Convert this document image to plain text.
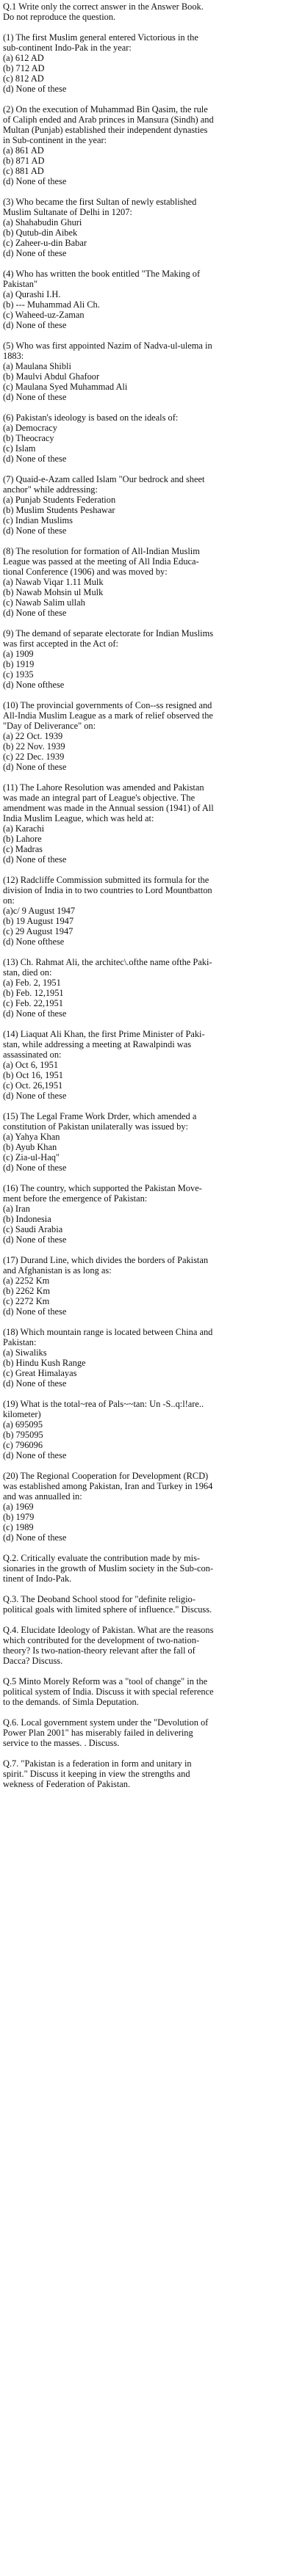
Q.1 Write only the correct answer in the Answer Book.
Do not reproduce the question.
(1) The first Muslim general entered Victorious in the
sub-continent Indo-Pak in the year:
(a) 612 AD
(b) 712 AD
(c) 812 AD
(d) None of these
(2) On the execution of Muhammad Bin Qasim, the rule
of Caliph ended and Arab princes in Mansura (Sindh) and
Multan (Punjab) established their independent dynasties
in Sub-continent in the year:
(a) 861 AD
(b) 871 AD
(c) 881 AD
(d) None of these
(3) Who became the first Sultan of newly established
Muslim Sultanate of Delhi in 1207:
(a) Shahabudin Ghuri
(b) Qutub-din Aibek
(c) Zaheer-u-din Babar
(d) None of these
(4) Who has written the book entitled "The Making of
Pakistan"
(a) Qurashi I.H.
(b) --- Muhammad Ali Ch.
(c) Waheed-uz-Zaman
(d) None of these
(5) Who was first appointed Nazim of Nadva-ul-ulema in
1883:
(a) Maulana Shibli
(b) Maulvi Abdul Ghafoor
(c) Maulana Syed Muhammad Ali
(d) None of these
(6) Pakistan's ideology is based on the ideals of:
(a) Democracy
(b) Theocracy
(c) Islam
(d) None of these
(7) Quaid-e-Azam called Islam "Our bedrock and sheet
anchor" while addressing:
(a) Punjab Students Federation
(b) Muslim Students Peshawar
(c) Indian Muslims
(d) None of these
(8) The resolution for formation of All-Indian Muslim
League was passed at the meeting of All India Educa-
tional Conference (1906) and was moved by:
(a) Nawab Viqar 1.11 Mulk
(b) Nawab Mohsin ul Mulk
(c) Nawab Salim ullah
(d) None of these
(9) The demand of separate electorate for Indian Muslims
was first accepted in the Act of:
(a) 1909
(b) 1919
(c) 1935
(d) None ofthese
(10) The provincial governments of Con--ss resigned and
All-India Muslim League as a mark of relief observed the
"Day of Deliverance" on:
(a) 22 Oct. 1939
(b) 22 Nov. 1939
(c) 22 Dec. 1939
(d) None of these
(11) The Lahore Resolution was amended and Pakistan
was made an integral part of League's objective. The
amendment was made in the Annual session (1941) of All
India Muslim League, which was held at:
(a) Karachi
(b) Lahore
(c) Madras
(d) None of these
(12) Radcliffe Commission submitted its formula for the
division of India in to two countries to Lord Mountbatton
on:
(a)c/ 9 August 1947
(b) 19 August 1947
(c) 29 August 1947
(d) None ofthese
(13) Ch. Rahmat Ali, the architec\.ofthe name ofthe Paki-
stan, died on:
(a) Feb. 2, 1951
(b) Feb. 12,1951
(c) Feb. 22,1951
(d) None of these
(14) Liaquat Ali Khan, the first Prime Minister of Paki-
stan, while addressing a meeting at Rawalpindi was
assassinated on:
(a) Oct 6, 1951
(b) Oct 16, 1951
(c) Oct. 26,1951
(d) None of these
(15) The Legal Frame Work Drder, which amended a
constitution of Pakistan unilaterally was issued by:
(a) Yahya Khan
(b) Ayub Khan
(c) Zia-ul-Haq"
(d) None of these
(16) The country, which supported the Pakistan Move-
ment before the emergence of Pakistan:
(a) Iran
(b) Indonesia
(c) Saudi Arabia
(d) None of these
(17) Durand Line, which divides the borders of Pakistan
and Afghanistan is as long as:
(a) 2252 Km
(b) 2262 Km
(c) 2272 Km
(d) None of these
(18) Which mountain range is located between China and
Pakistan:
(a) Siwaliks
(b) Hindu Kush Range
(c) Great Himalayas
(d) None of these
(19) What is the total~rea of Pals~~tan: Un -S..q:l!are..
kilometer)
(a) 695095
(b) 795095
(c) 796096
(d) None of these
(20) The Regional Cooperation for Development (RCD)
was established among Pakistan, Iran and Turkey in 1964
and was annualled in:
(a) 1969
(b) 1979
(c) 1989
(d) None of these
Q.2. Critically evaluate the contribution made by mis-
sionaries in the growth of Muslim society in the Sub-con-
tinent of Indo-Pak.
Q.3. The Deoband School stood for "definite religio-
political goals with limited sphere of influence." Discuss.
Q.4. Elucidate Ideology of Pakistan. What are the reasons
which contributed for the development of two-nation-
theory? Is two-nation-theory relevant after the fall of
Dacca? Discuss.
Q.5 Minto Morely Reform was a "tool of change" in the
political system of India. Discuss it with special reference
to the demands. of Simla Deputation.
Q.6. Local government system under the "Devolution of
Power Plan 2001" has miserably failed in delivering
service to the masses. . Discuss.
Q.7. "Pakistan is a federation in form and unitary in
spirit." Discuss it keeping in view the strengths and
wekness of Federation of Pakistan.
